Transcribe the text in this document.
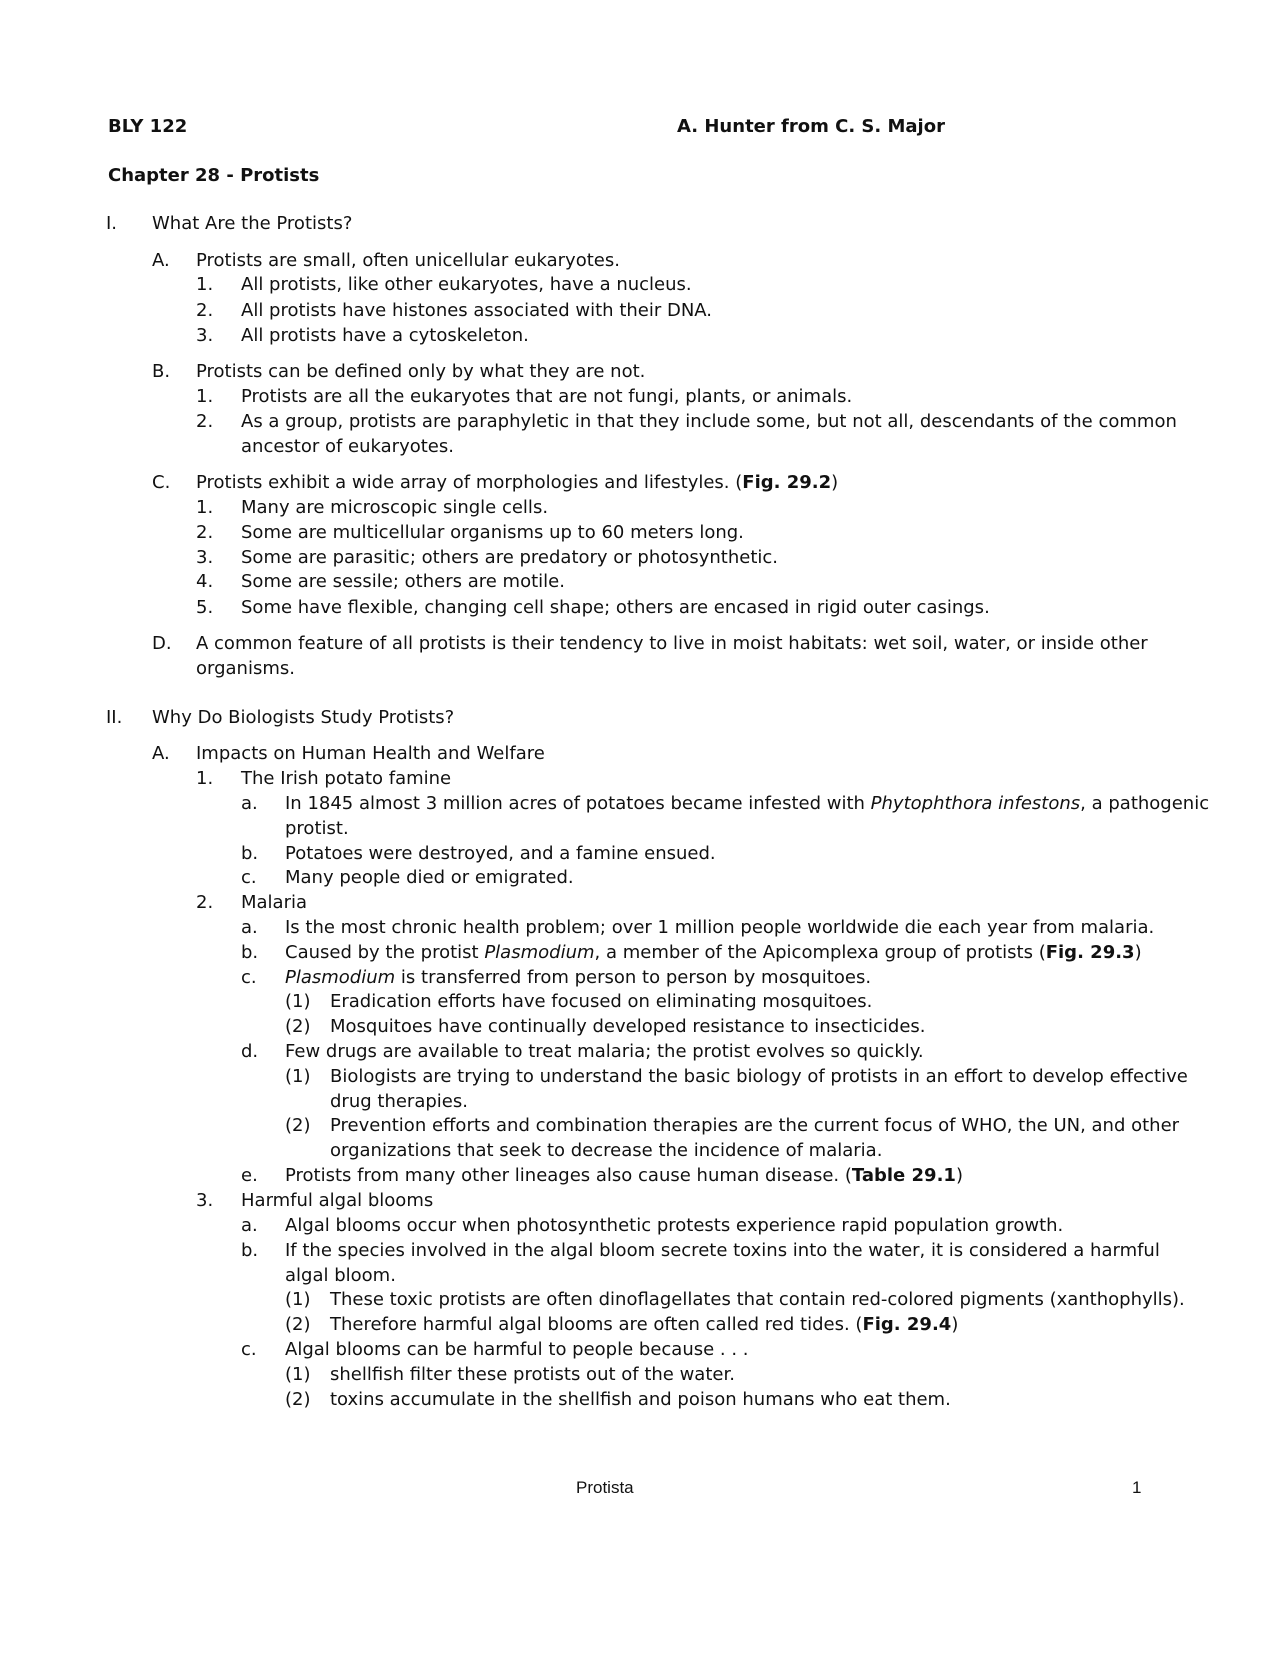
BLY 122	A. Hunter from C. S. Major
Chapter 28 - Protists
I. What Are the Protists?
A. Protists are small, often unicellular eukaryotes.
1. All protists, like other eukaryotes, have a nucleus.
2. All protists have histones associated with their DNA.
3. All protists have a cytoskeleton.
B. Protists can be defined only by what they are not.
1. Protists are all the eukaryotes that are not fungi, plants, or animals.
2. As a group, protists are paraphyletic in that they include some, but not all, descendants of the common
ancestor of eukaryotes.
C. Protists exhibit a wide array of morphologies and lifestyles. (Fig. 29.2)
1. Many are microscopic single cells.
2. Some are multicellular organisms up to 60 meters long.
3. Some are parasitic; others are predatory or photosynthetic.
4. Some are sessile; others are motile.
5. Some have flexible, changing cell shape; others are encased in rigid outer casings.
D. A common feature of all protists is their tendency to live in moist habitats: wet soil, water, or inside other
organisms.
II. Why Do Biologists Study Protists?
A. Impacts on Human Health and Welfare
1. The Irish potato famine
a. In 1845 almost 3 million acres of potatoes became infested with Phytophthora infestons, a pathogenic
protist.
b. Potatoes were destroyed, and a famine ensued.
c. Many people died or emigrated.
2. Malaria
a. Is the most chronic health problem; over 1 million people worldwide die each year from malaria.
b. Caused by the protist Plasmodium, a member of the Apicomplexa group of protists (Fig. 29.3)
c. Plasmodium is transferred from person to person by mosquitoes.
(1) Eradication efforts have focused on eliminating mosquitoes.
(2) Mosquitoes have continually developed resistance to insecticides.
d. Few drugs are available to treat malaria; the protist evolves so quickly.
(1) Biologists are trying to understand the basic biology of protists in an effort to develop effective
drug therapies.
(2) Prevention efforts and combination therapies are the current focus of WHO, the UN, and other
organizations that seek to decrease the incidence of malaria.
e. Protists from many other lineages also cause human disease. (Table 29.1)
3. Harmful algal blooms
a. Algal blooms occur when photosynthetic protests experience rapid population growth.
b. If the species involved in the algal bloom secrete toxins into the water, it is considered a harmful
algal bloom.
(1) These toxic protists are often dinoflagellates that contain red-colored pigments (xanthophylls).
(2) Therefore harmful algal blooms are often called red tides. (Fig. 29.4)
c. Algal blooms can be harmful to people because . . .
(1) shellfish filter these protists out of the water.
(2) toxins accumulate in the shellfish and poison humans who eat them.
Protista	1
